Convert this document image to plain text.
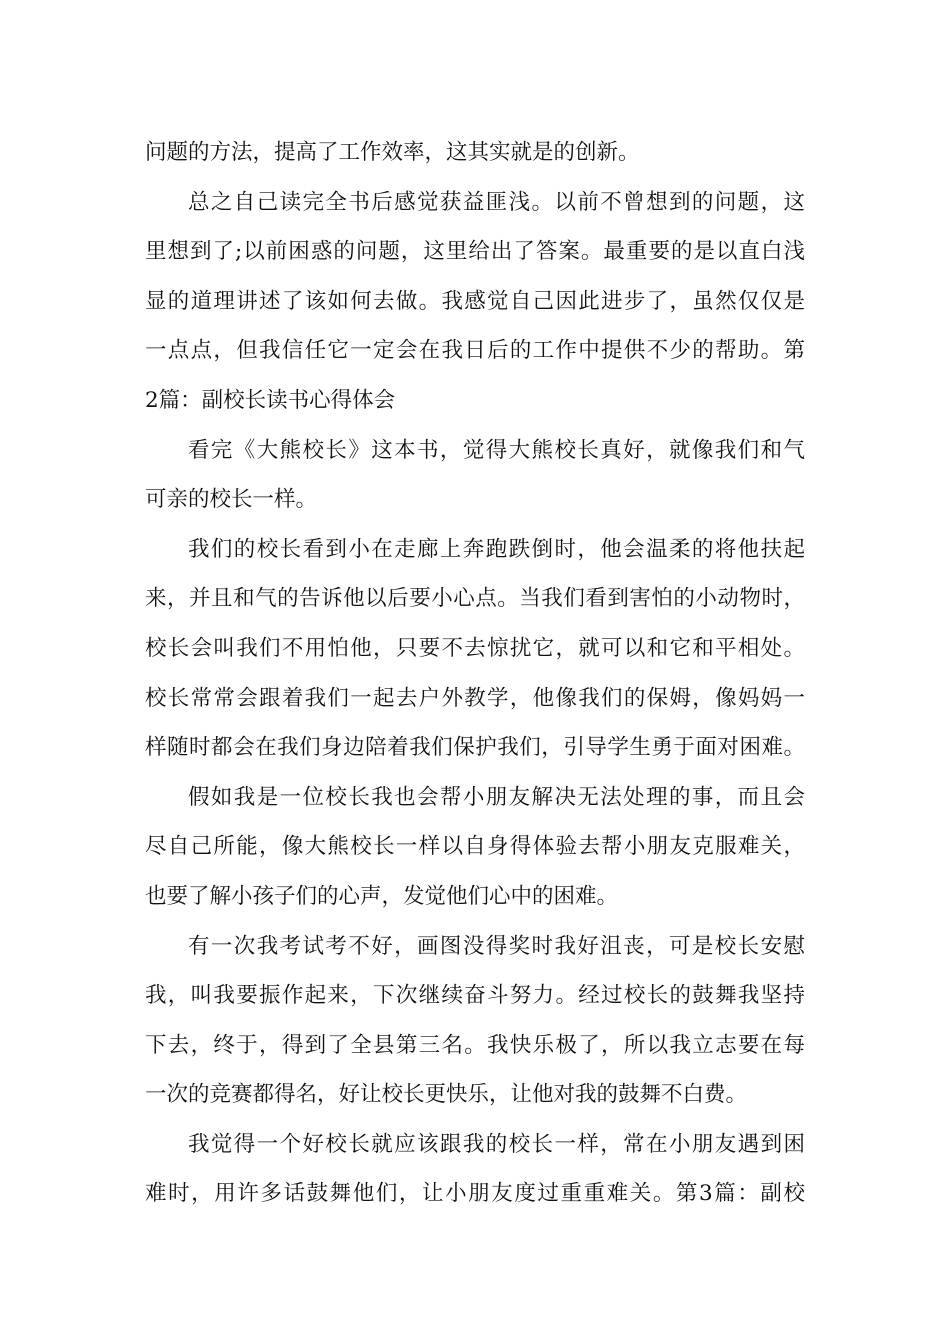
问题的方法，提高了工作效率，这其实就是的创新。
总之自己读完全书后感觉获益匪浅。以前不曾想到的问题，这
里想到了;以前困惑的问题，这里给出了答案。最重要的是以直白浅
显的道理讲述了该如何去做。我感觉自己因此进步了，虽然仅仅是
一点点，但我信任它一定会在我日后的工作中提供不少的帮助。第
2篇：副校长读书心得体会
看完《大熊校长》这本书，觉得大熊校长真好，就像我们和气
可亲的校长一样。
我们的校长看到小在走廊上奔跑跌倒时，他会温柔的将他扶起
来，并且和气的告诉他以后要小心点。当我们看到害怕的小动物时，
校长会叫我们不用怕他，只要不去惊扰它，就可以和它和平相处。
校长常常会跟着我们一起去户外教学，他像我们的保姆，像妈妈一
样随时都会在我们身边陪着我们保护我们，引导学生勇于面对困难。
假如我是一位校长我也会帮小朋友解决无法处理的事，而且会
尽自己所能，像大熊校长一样以自身得体验去帮小朋友克服难关，
也要了解小孩子们的心声，发觉他们心中的困难。
有一次我考试考不好，画图没得奖时我好沮丧，可是校长安慰
我，叫我要振作起来，下次继续奋斗努力。经过校长的鼓舞我坚持
下去，终于，得到了全县第三名。我快乐极了，所以我立志要在每
一次的竞赛都得名，好让校长更快乐，让他对我的鼓舞不白费。
我觉得一个好校长就应该跟我的校长一样，常在小朋友遇到困
难时，用许多话鼓舞他们，让小朋友度过重重难关。第3篇：副校
